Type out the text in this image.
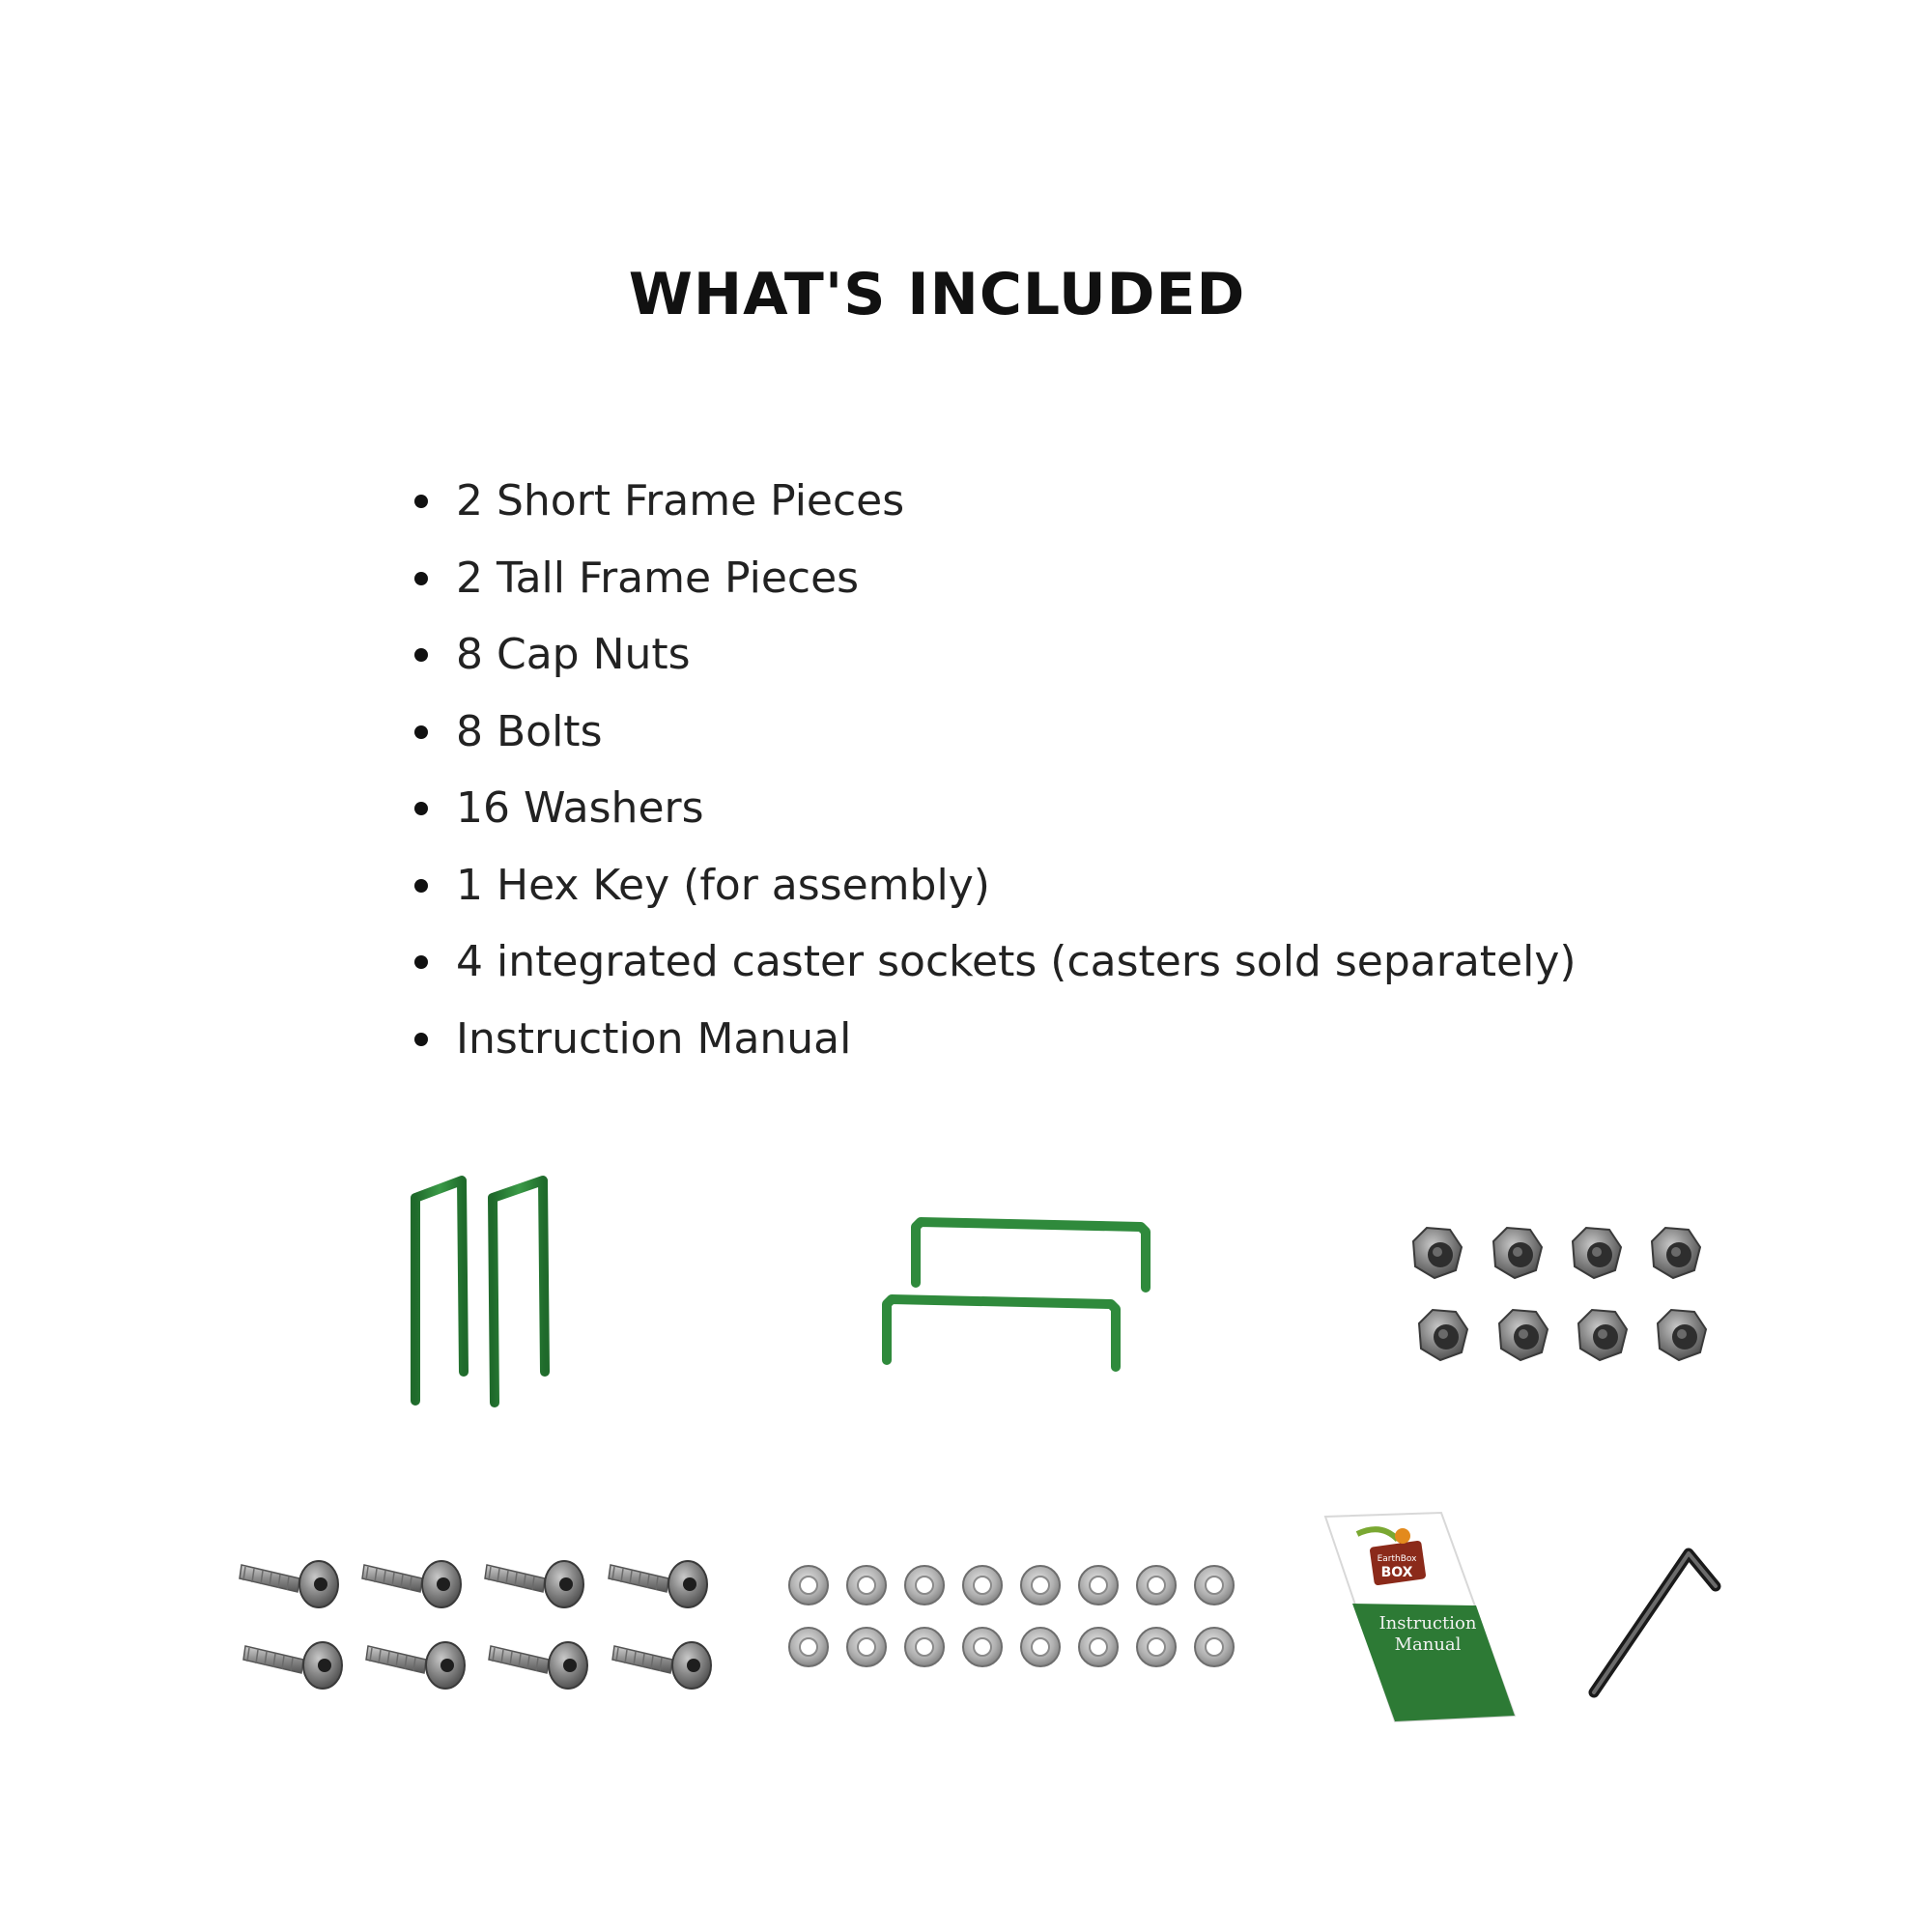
WHAT'S INCLUDED
2 Short Frame Pieces
2 Tall Frame Pieces
8 Cap Nuts
8 Bolts
16 Washers
1 Hex Key (for assembly)
4 integrated caster sockets (casters sold separately)
Instruction Manual
EarthBox
BOX
Instruction
Manual
